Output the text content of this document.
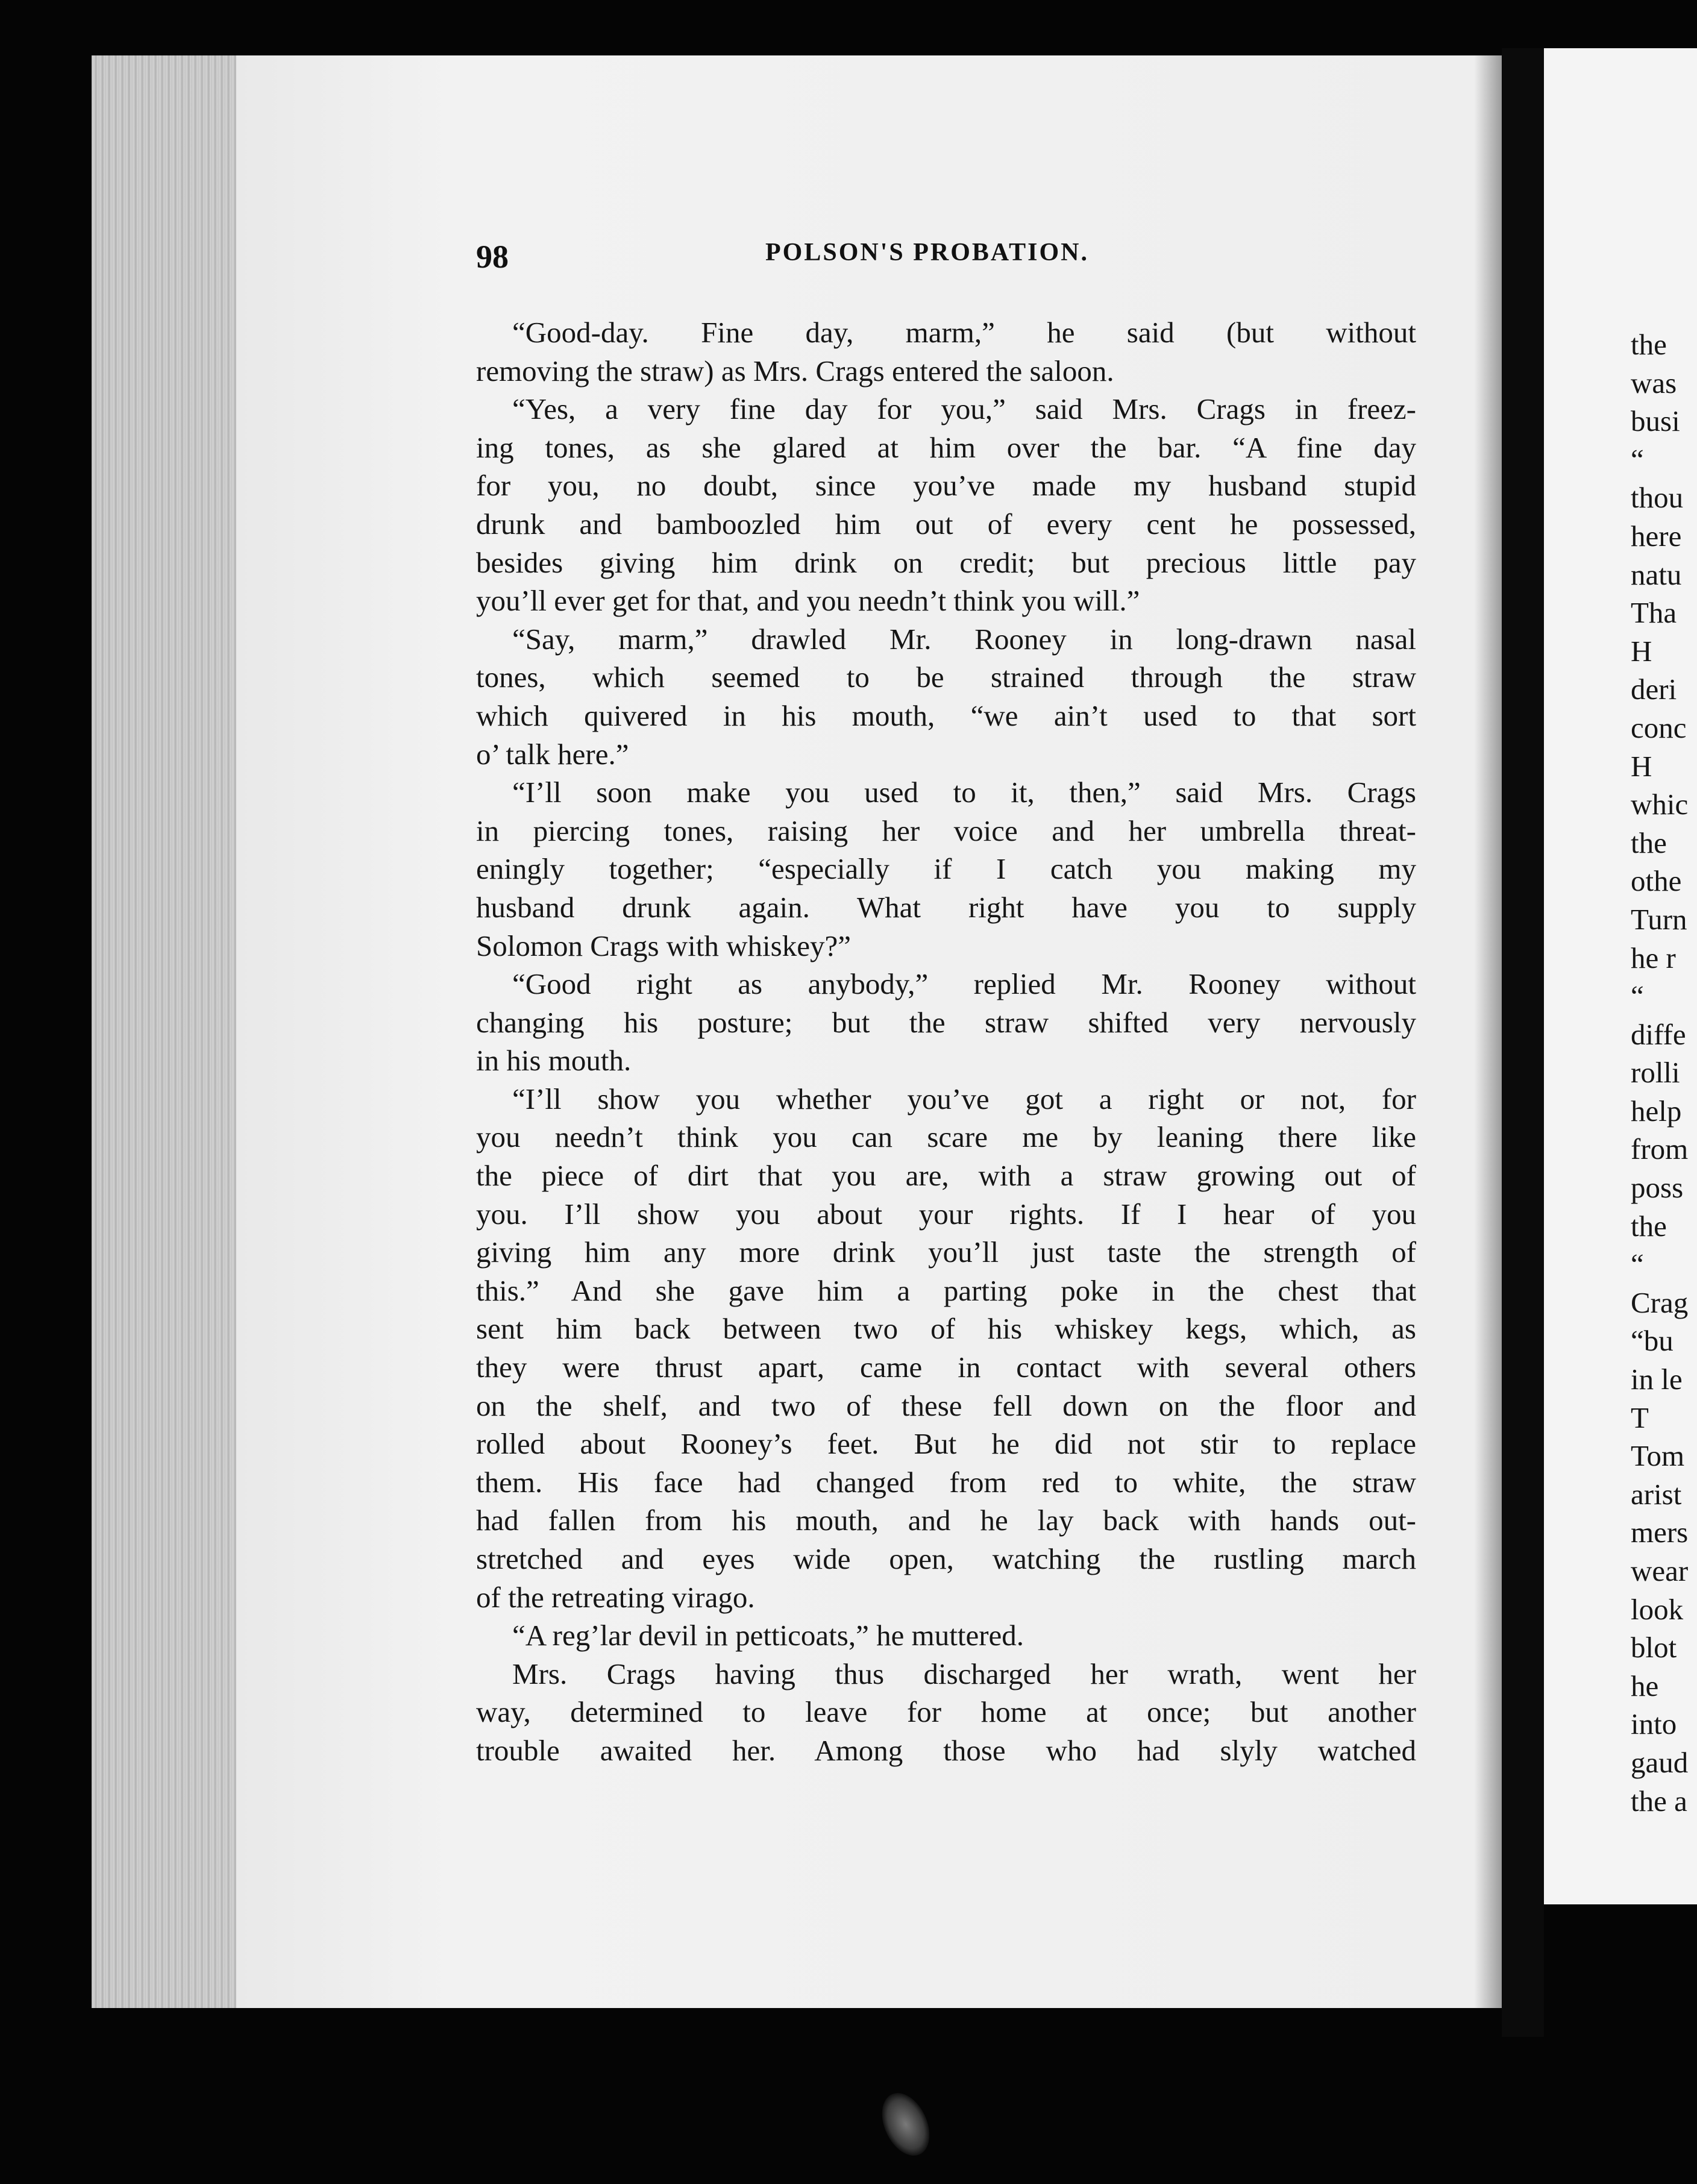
98	POLSON'S PROBATION.
“Good-day. Fine day, marm,” he said (but without
removing the straw) as Mrs. Crags entered the saloon.
“Yes, a very fine day for you,” said Mrs. Crags in freez-
ing tones, as she glared at him over the bar. “A fine day
for you, no doubt, since you’ve made my husband stupid
drunk and bamboozled him out of every cent he possessed,
besides giving him drink on credit; but precious little pay
you’ll ever get for that, and you needn’t think you will.”
“Say, marm,” drawled Mr. Rooney in long-drawn nasal
tones, which seemed to be strained through the straw
which quivered in his mouth, “we ain’t used to that sort
o’ talk here.”
“I’ll soon make you used to it, then,” said Mrs. Crags
in piercing tones, raising her voice and her umbrella threat-
eningly together; “especially if I catch you making my
husband drunk again. What right have you to supply
Solomon Crags with whiskey?”
“Good right as anybody,” replied Mr. Rooney without
changing his posture; but the straw shifted very nervously
in his mouth.
“I’ll show you whether you’ve got a right or not, for
you needn’t think you can scare me by leaning there like
the piece of dirt that you are, with a straw growing out of
you. I’ll show you about your rights. If I hear of you
giving him any more drink you’ll just taste the strength of
this.” And she gave him a parting poke in the chest that
sent him back between two of his whiskey kegs, which, as
they were thrust apart, came in contact with several others
on the shelf, and two of these fell down on the floor and
rolled about Rooney’s feet. But he did not stir to replace
them. His face had changed from red to white, the straw
had fallen from his mouth, and he lay back with hands out-
stretched and eyes wide open, watching the rustling march
of the retreating virago.
“A reg’lar devil in petticoats,” he muttered.
Mrs. Crags having thus discharged her wrath, went her
way, determined to leave for home at once; but another
trouble awaited her. Among those who had slyly watched
the
was
busi
“
thou
here
natu
Tha
H
deri
conc
H
whic
the
othe
Turn
he r
“
diffe
rolli
help
from
poss
the
“
Crag
“bu
in le
T
Tom
arist
mers
wear
look
blot
he
into
gaud
the a
